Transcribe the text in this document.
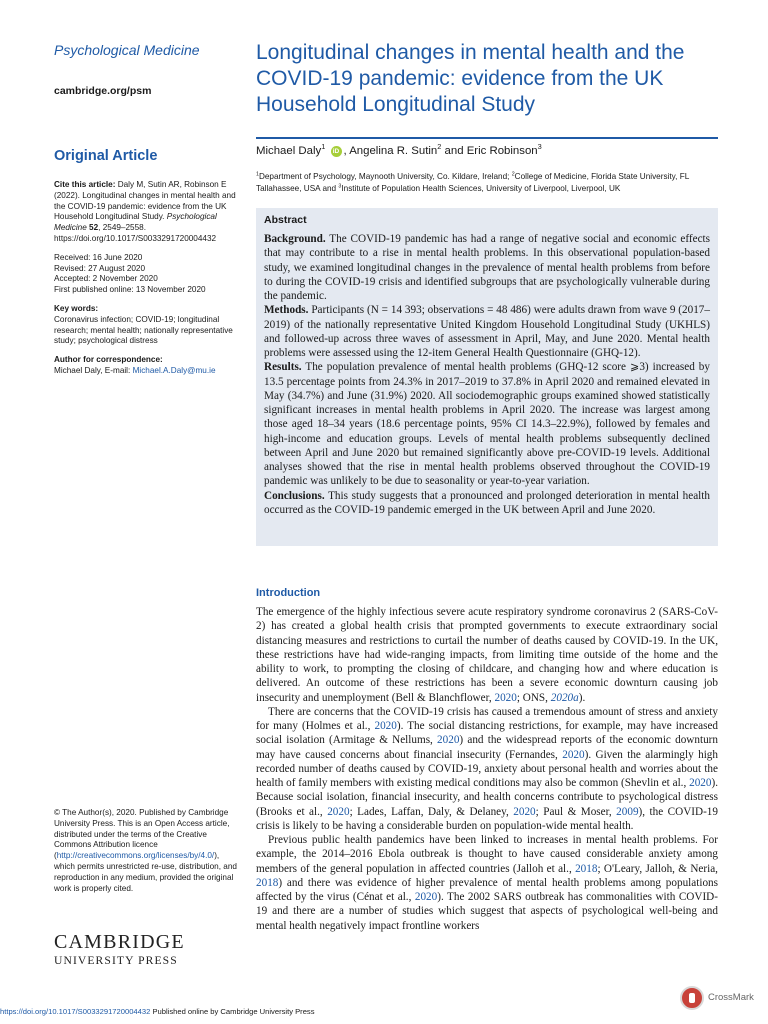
Psychological Medicine
cambridge.org/psm
Original Article

Cite this article: Daly M, Sutin AR, Robinson E (2022). Longitudinal changes in mental health and the COVID-19 pandemic: evidence from the UK Household Longitudinal Study. Psychological Medicine 52, 2549–2558. https://doi.org/10.1017/S0033291720004432

Received: 16 June 2020
Revised: 27 August 2020
Accepted: 2 November 2020
First published online: 13 November 2020

Key words:
Coronavirus infection; COVID-19; longitudinal research; mental health; nationally representative study; psychological distress

Author for correspondence:
Michael Daly, E-mail: Michael.A.Daly@mu.ie

© The Author(s), 2020. Published by Cambridge University Press. This is an Open Access article, distributed under the terms of the Creative Commons Attribution licence (http://creativecommons.org/licenses/by/4.0/), which permits unrestricted re-use, distribution, and reproduction in any medium, provided the original work is properly cited.
CAMBRIDGE
UNIVERSITY PRESS
Longitudinal changes in mental health and the COVID-19 pandemic: evidence from the UK Household Longitudinal Study
Michael Daly$^1$ iD , Angelina R. Sutin$^2$ and Eric Robinson$^3$
$^1$Department of Psychology, Maynooth University, Co. Kildare, Ireland; $^2$College of Medicine, Florida State University, FL Tallahassee, USA and $^3$Institute of Population Health Sciences, University of Liverpool, Liverpool, UK
Abstract

Background. The COVID-19 pandemic has had a range of negative social and economic effects that may contribute to a rise in mental health problems. In this observational population-based study, we examined longitudinal changes in the prevalence of mental health problems from before to during the COVID-19 crisis and identified subgroups that are psychologically vulnerable during the pandemic.

Methods. Participants (N = 14 393; observations = 48 486) were adults drawn from wave 9 (2017–2019) of the nationally representative United Kingdom Household Longitudinal Study (UKHLS) and followed-up across three waves of assessment in April, May, and June 2020. Mental health problems were assessed using the 12-item General Health Questionnaire (GHQ-12).

Results. The population prevalence of mental health problems (GHQ-12 score ⩾3) increased by 13.5 percentage points from 24.3% in 2017–2019 to 37.8% in April 2020 and remained elevated in May (34.7%) and June (31.9%) 2020. All sociodemographic groups examined showed statistically significant increases in mental health problems in April 2020. The increase was largest among those aged 18–34 years (18.6 percentage points, 95% CI 14.3–22.9%), followed by females and high-income and education groups. Levels of mental health problems subsequently declined between April and June 2020 but remained significantly above pre-COVID-19 levels. Additional analyses showed that the rise in mental health problems observed throughout the COVID-19 pandemic was unlikely to be due to seasonality or year-to-year variation.

Conclusions. This study suggests that a pronounced and prolonged deterioration in mental health occurred as the COVID-19 pandemic emerged in the UK between April and June 2020.

Introduction

The emergence of the highly infectious severe acute respiratory syndrome coronavirus 2 (SARS-CoV-2) has created a global health crisis that prompted governments to execute extraordinary social distancing measures and restrictions to curtail the number of deaths caused by COVID-19. In the UK, these restrictions have had wide-ranging impacts, from limiting time outside of the home and the ability to work, to prompting the closing of childcare, and changing how and where education is delivered. An outcome of these restrictions has been a severe economic downturn causing job insecurity and unemployment (Bell & Blanchflower, 2020; ONS, 2020a).

There are concerns that the COVID-19 crisis has caused a tremendous amount of stress and anxiety for many (Holmes et al., 2020). The social distancing restrictions, for example, may have increased social isolation (Armitage & Nellums, 2020) and the widespread reports of the economic downturn may have caused concerns about financial insecurity (Fernandes, 2020). Given the alarmingly high recorded number of deaths caused by COVID-19, anxiety about personal health and worries about the health of family members with existing medical conditions may also be common (Shevlin et al., 2020). Because social isolation, financial insecurity, and health concerns contribute to psychological distress (Brooks et al., 2020; Lades, Laffan, Daly, & Delaney, 2020; Paul & Moser, 2009), the COVID-19 crisis is likely to be having a considerable burden on population-wide mental health.

Previous public health pandemics have been linked to increases in mental health problems. For example, the 2014–2016 Ebola outbreak is thought to have caused considerable anxiety among members of the general population in affected countries (Jalloh et al., 2018; O'Leary, Jalloh, & Neria, 2018) and there was evidence of higher prevalence of mental health problems among populations affected by the virus (Cénat et al., 2020). The 2002 SARS outbreak has commonalities with COVID-19 and there are a number of studies which suggest that aspects of psychological well-being and mental health negatively impact frontline workers

https://doi.org/10.1017/S0033291720004432 Published online by Cambridge University Press
CrossMark
